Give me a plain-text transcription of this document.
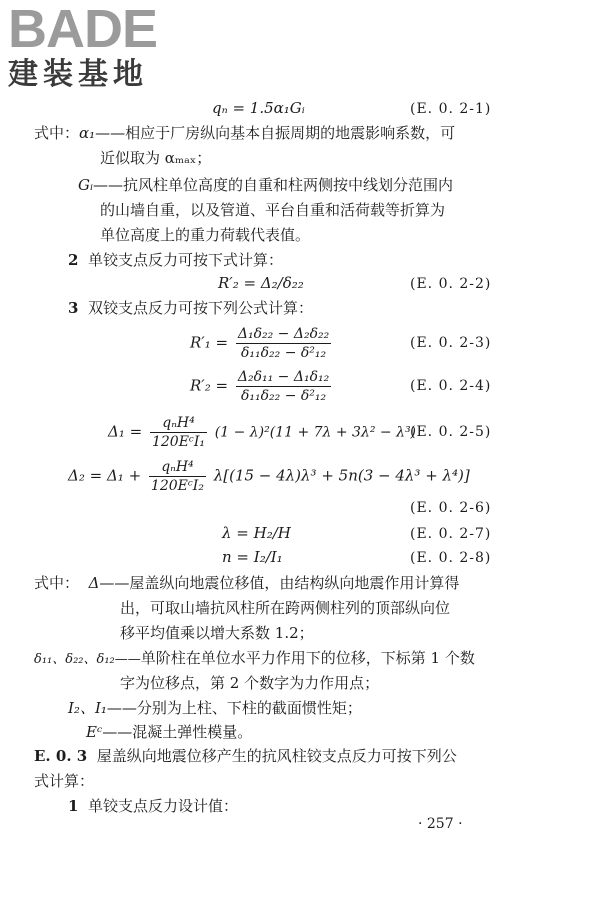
BADE
建装基地
qₙ = 1.5α₁Gᵢ	(E. 0. 2-1)
式中：α₁——相应于厂房纵向基本自振周期的地震影响系数，可
近似取为 αₘₐₓ；
Gᵢ——抗风柱单位高度的自重和柱两侧按中线划分范围内
的山墙自重，以及管道、平台自重和活荷载等折算为
单位高度上的重力荷载代表值。
2 单铰支点反力可按下式计算：
R′₂ = Δ₂/δ₂₂	(E. 0. 2-2)
3 双铰支点反力可按下列公式计算：
$R'_1 = \frac{\text{Δ₁δ₂₂ − Δ₂δ₂₂}}{\text{δ₁₁δ₂₂ − δ²₁₂}}$	(E. 0. 2-3)
$R'_2 = \frac{\text{Δ₂δ₁₁ − Δ₁δ₁₂}}{\text{δ₁₁δ₂₂ − δ²₁₂}}$	(E. 0. 2-4)
$\Delta_1 = \frac{\text{qₙH⁴}}{\text{120EᶜI₁}} (1 - \lambda)^2(11 + 7\lambda + 3\lambda^2 - \lambda^3)$
(E. 0. 2-5)
$\Delta_2 = \Delta_1 + \frac{\text{qₙH⁴}}{\text{120EᶜI₂}} \lambda[(15 - 4\lambda)\lambda^3 + 5n(3 - 4\lambda^3 + \lambda^4)]$
(E. 0. 2-6)
λ = H₂/H	(E. 0. 2-7)
n = I₂/I₁	(E. 0. 2-8)
式中： Δ——屋盖纵向地震位移值，由结构纵向地震作用计算得
出，可取山墙抗风柱所在跨两侧柱列的顶部纵向位
移平均值乘以增大系数 1.2；
δ₁₁、δ₂₂、δ₁₂——单阶柱在单位水平力作用下的位移，下标第 1 个数
字为位移点，第 2 个数字为力作用点；
I₂、I₁——分别为上柱、下柱的截面惯性矩；
Eᶜ——混凝土弹性模量。
E. 0. 3 屋盖纵向地震位移产生的抗风柱铰支点反力可按下列公
式计算：
1 单铰支点反力设计值：
· 257 ·
